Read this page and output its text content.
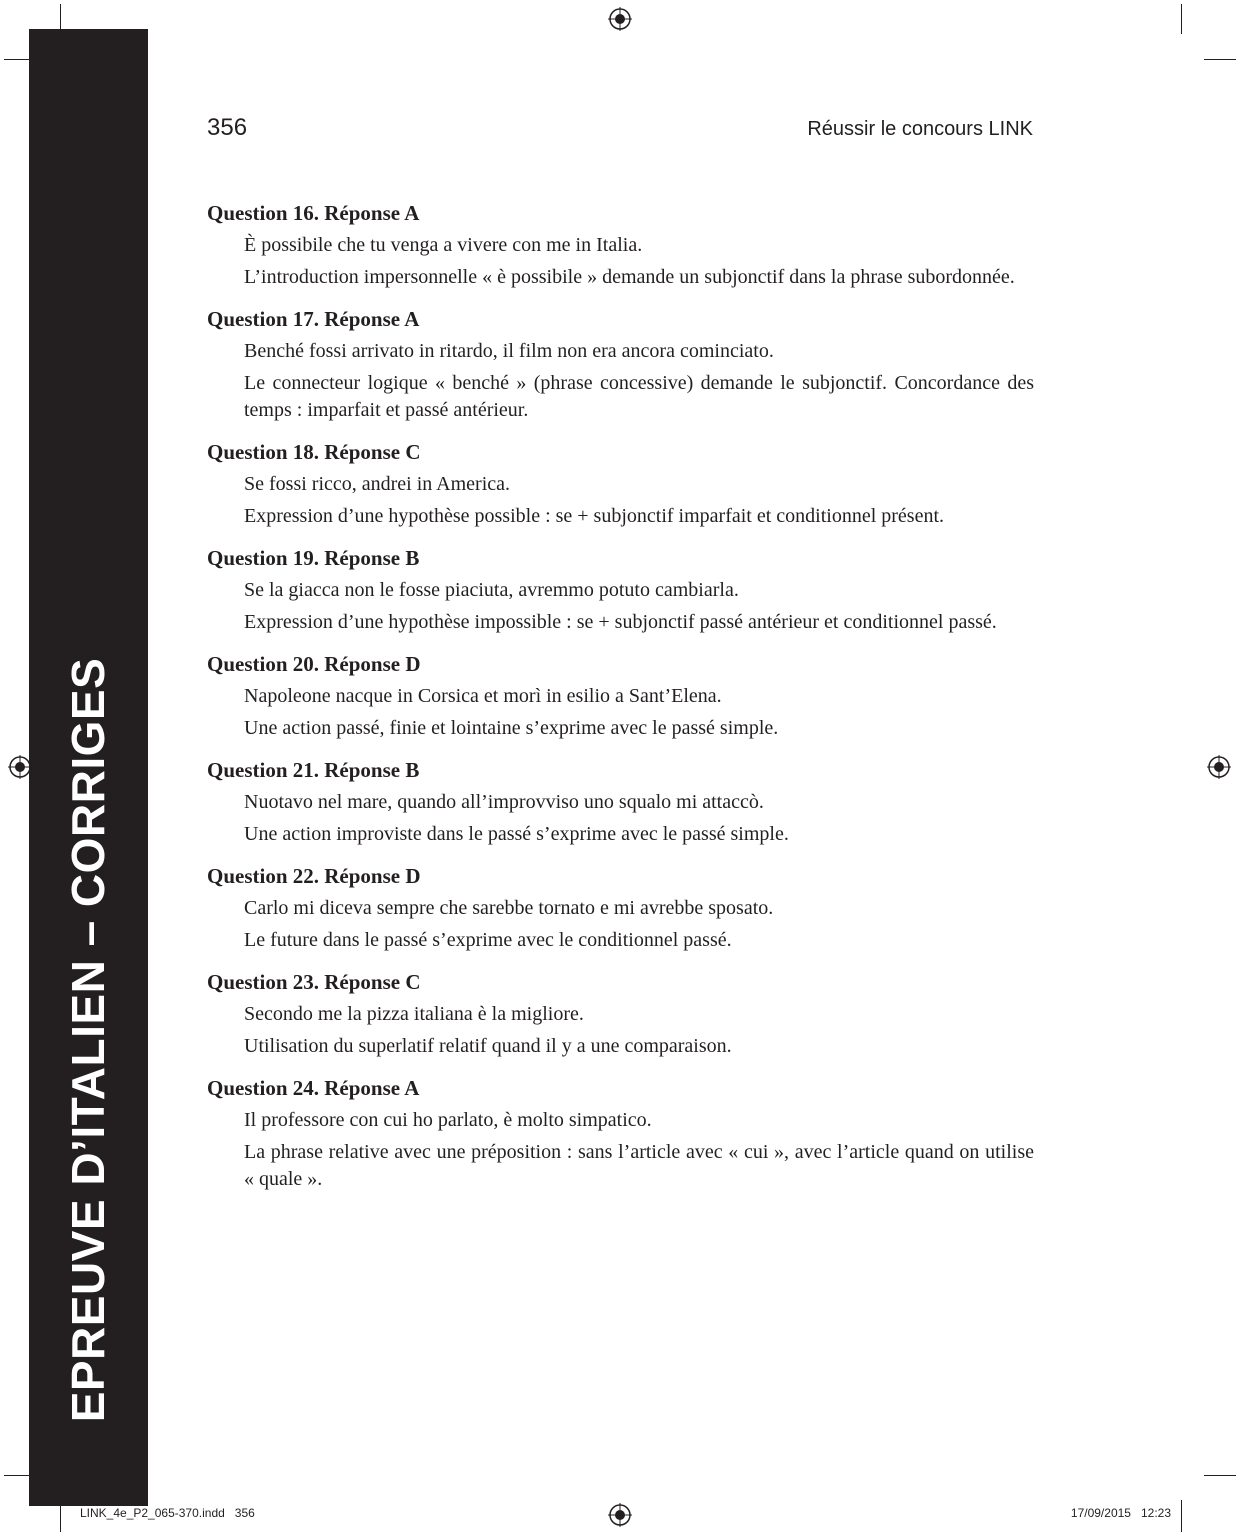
EPREUVE D’ITALIEN – CORRIGES
356	Réussir le concours LINK
Question 16. Réponse A
È possibile che tu venga a vivere con me in Italia.
L’introduction impersonnelle « è possibile » demande un subjonctif dans la phrase subordonnée.
Question 17. Réponse A
Benché fossi arrivato in ritardo, il film non era ancora cominciato.
Le connecteur logique « benché » (phrase concessive) demande le subjonctif. Concordance des temps : imparfait et passé antérieur.
Question 18. Réponse C
Se fossi ricco, andrei in America.
Expression d’une hypothèse possible : se + subjonctif imparfait et conditionnel présent.
Question 19. Réponse B
Se la giacca non le fosse piaciuta, avremmo potuto cambiarla.
Expression d’une hypothèse impossible : se + subjonctif passé antérieur et conditionnel passé.
Question 20. Réponse D
Napoleone nacque in Corsica et morì in esilio a Sant’Elena.
Une action passé, finie et lointaine s’exprime avec le passé simple.
Question 21. Réponse B
Nuotavo nel mare, quando all’improvviso uno squalo mi attaccò.
Une action improviste dans le passé s’exprime avec le passé simple.
Question 22. Réponse D
Carlo mi diceva sempre che sarebbe tornato e mi avrebbe sposato.
Le future dans le passé s’exprime avec le conditionnel passé.
Question 23. Réponse C
Secondo me la pizza italiana è la migliore.
Utilisation du superlatif relatif quand il y a une comparaison.
Question 24. Réponse A
Il professore con cui ho parlato, è molto simpatico.
La phrase relative avec une préposition : sans l’article avec « cui », avec l’article quand on utilise « quale ».
LINK_4e_P2_065-370.indd   356	17/09/2015   12:23
